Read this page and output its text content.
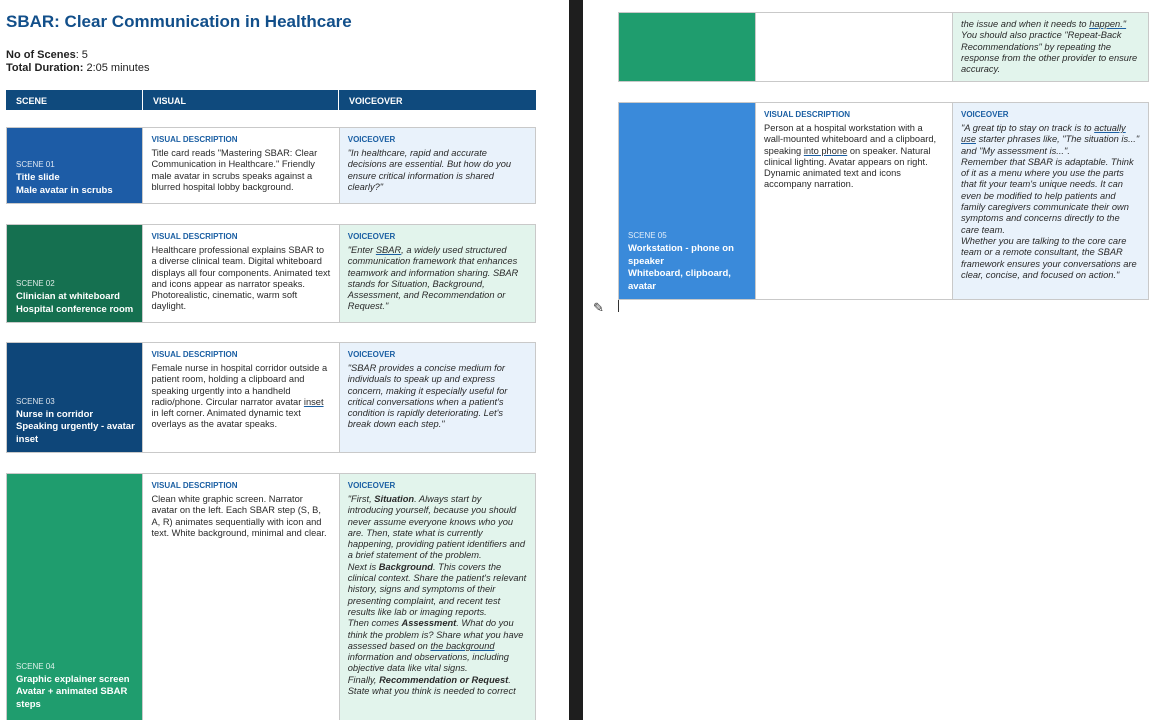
SBAR: Clear Communication in Healthcare
No of Scenes: 5
Total Duration: 2:05 minutes
SCENE	VISUAL	VOICEOVER
SCENE 01
Title slide
Male avatar in scrubs
VISUAL DESCRIPTION
Title card reads "Mastering SBAR: Clear Communication in Healthcare." Friendly male avatar in scrubs speaks against a blurred hospital lobby background.
VOICEOVER
"In healthcare, rapid and accurate decisions are essential. But how do you ensure critical information is shared clearly?"
SCENE 02
Clinician at whiteboard
Hospital conference room
VISUAL DESCRIPTION
Healthcare professional explains SBAR to a diverse clinical team. Digital whiteboard displays all four components. Animated text and icons appear as narrator speaks. Photorealistic, cinematic, warm soft daylight.
VOICEOVER
"Enter SBAR, a widely used structured communication framework that enhances teamwork and information sharing. SBAR stands for Situation, Background, Assessment, and Recommendation or Request."
SCENE 03
Nurse in corridor
Speaking urgently - avatar inset
VISUAL DESCRIPTION
Female nurse in hospital corridor outside a patient room, holding a clipboard and speaking urgently into a handheld radio/phone. Circular narrator avatar inset in left corner. Animated dynamic text overlays as the avatar speaks.
VOICEOVER
"SBAR provides a concise medium for individuals to speak up and express concern, making it especially useful for critical conversations when a patient's condition is rapidly deteriorating. Let's break down each step."
SCENE 04
Graphic explainer screen
Avatar + animated SBAR steps
VISUAL DESCRIPTION
Clean white graphic screen. Narrator avatar on the left. Each SBAR step (S, B, A, R) animates sequentially with icon and text. White background, minimal and clear.
VOICEOVER
"First, Situation. Always start by introducing yourself, because you should never assume everyone knows who you are. Then, state what is currently happening, providing patient identifiers and a brief statement of the problem.
Next is Background. This covers the clinical context. Share the patient's relevant history, signs and symptoms of their presenting complaint, and recent test results like lab or imaging reports.
Then comes Assessment. What do you think the problem is? Share what you have assessed based on the background information and observations, including objective data like vital signs.
Finally, Recommendation or Request.
State what you think is needed to correct
the issue and when it needs to happen."
You should also practice "Repeat-Back Recommendations" by repeating the response from the other provider to ensure accuracy.
SCENE 05
Workstation - phone on speaker
Whiteboard, clipboard, avatar
VISUAL DESCRIPTION
Person at a hospital workstation with a wall-mounted whiteboard and a clipboard, speaking into phone on speaker. Natural clinical lighting. Avatar appears on right. Dynamic animated text and icons accompany narration.
VOICEOVER
"A great tip to stay on track is to actually use starter phrases like, "The situation is..." and "My assessment is...".
Remember that SBAR is adaptable. Think of it as a menu where you use the parts that fit your team's unique needs. It can even be modified to help patients and family caregivers communicate their own symptoms and concerns directly to the care team.
Whether you are talking to the core care team or a remote consultant, the SBAR framework ensures your conversations are clear, concise, and focused on action."
✎
